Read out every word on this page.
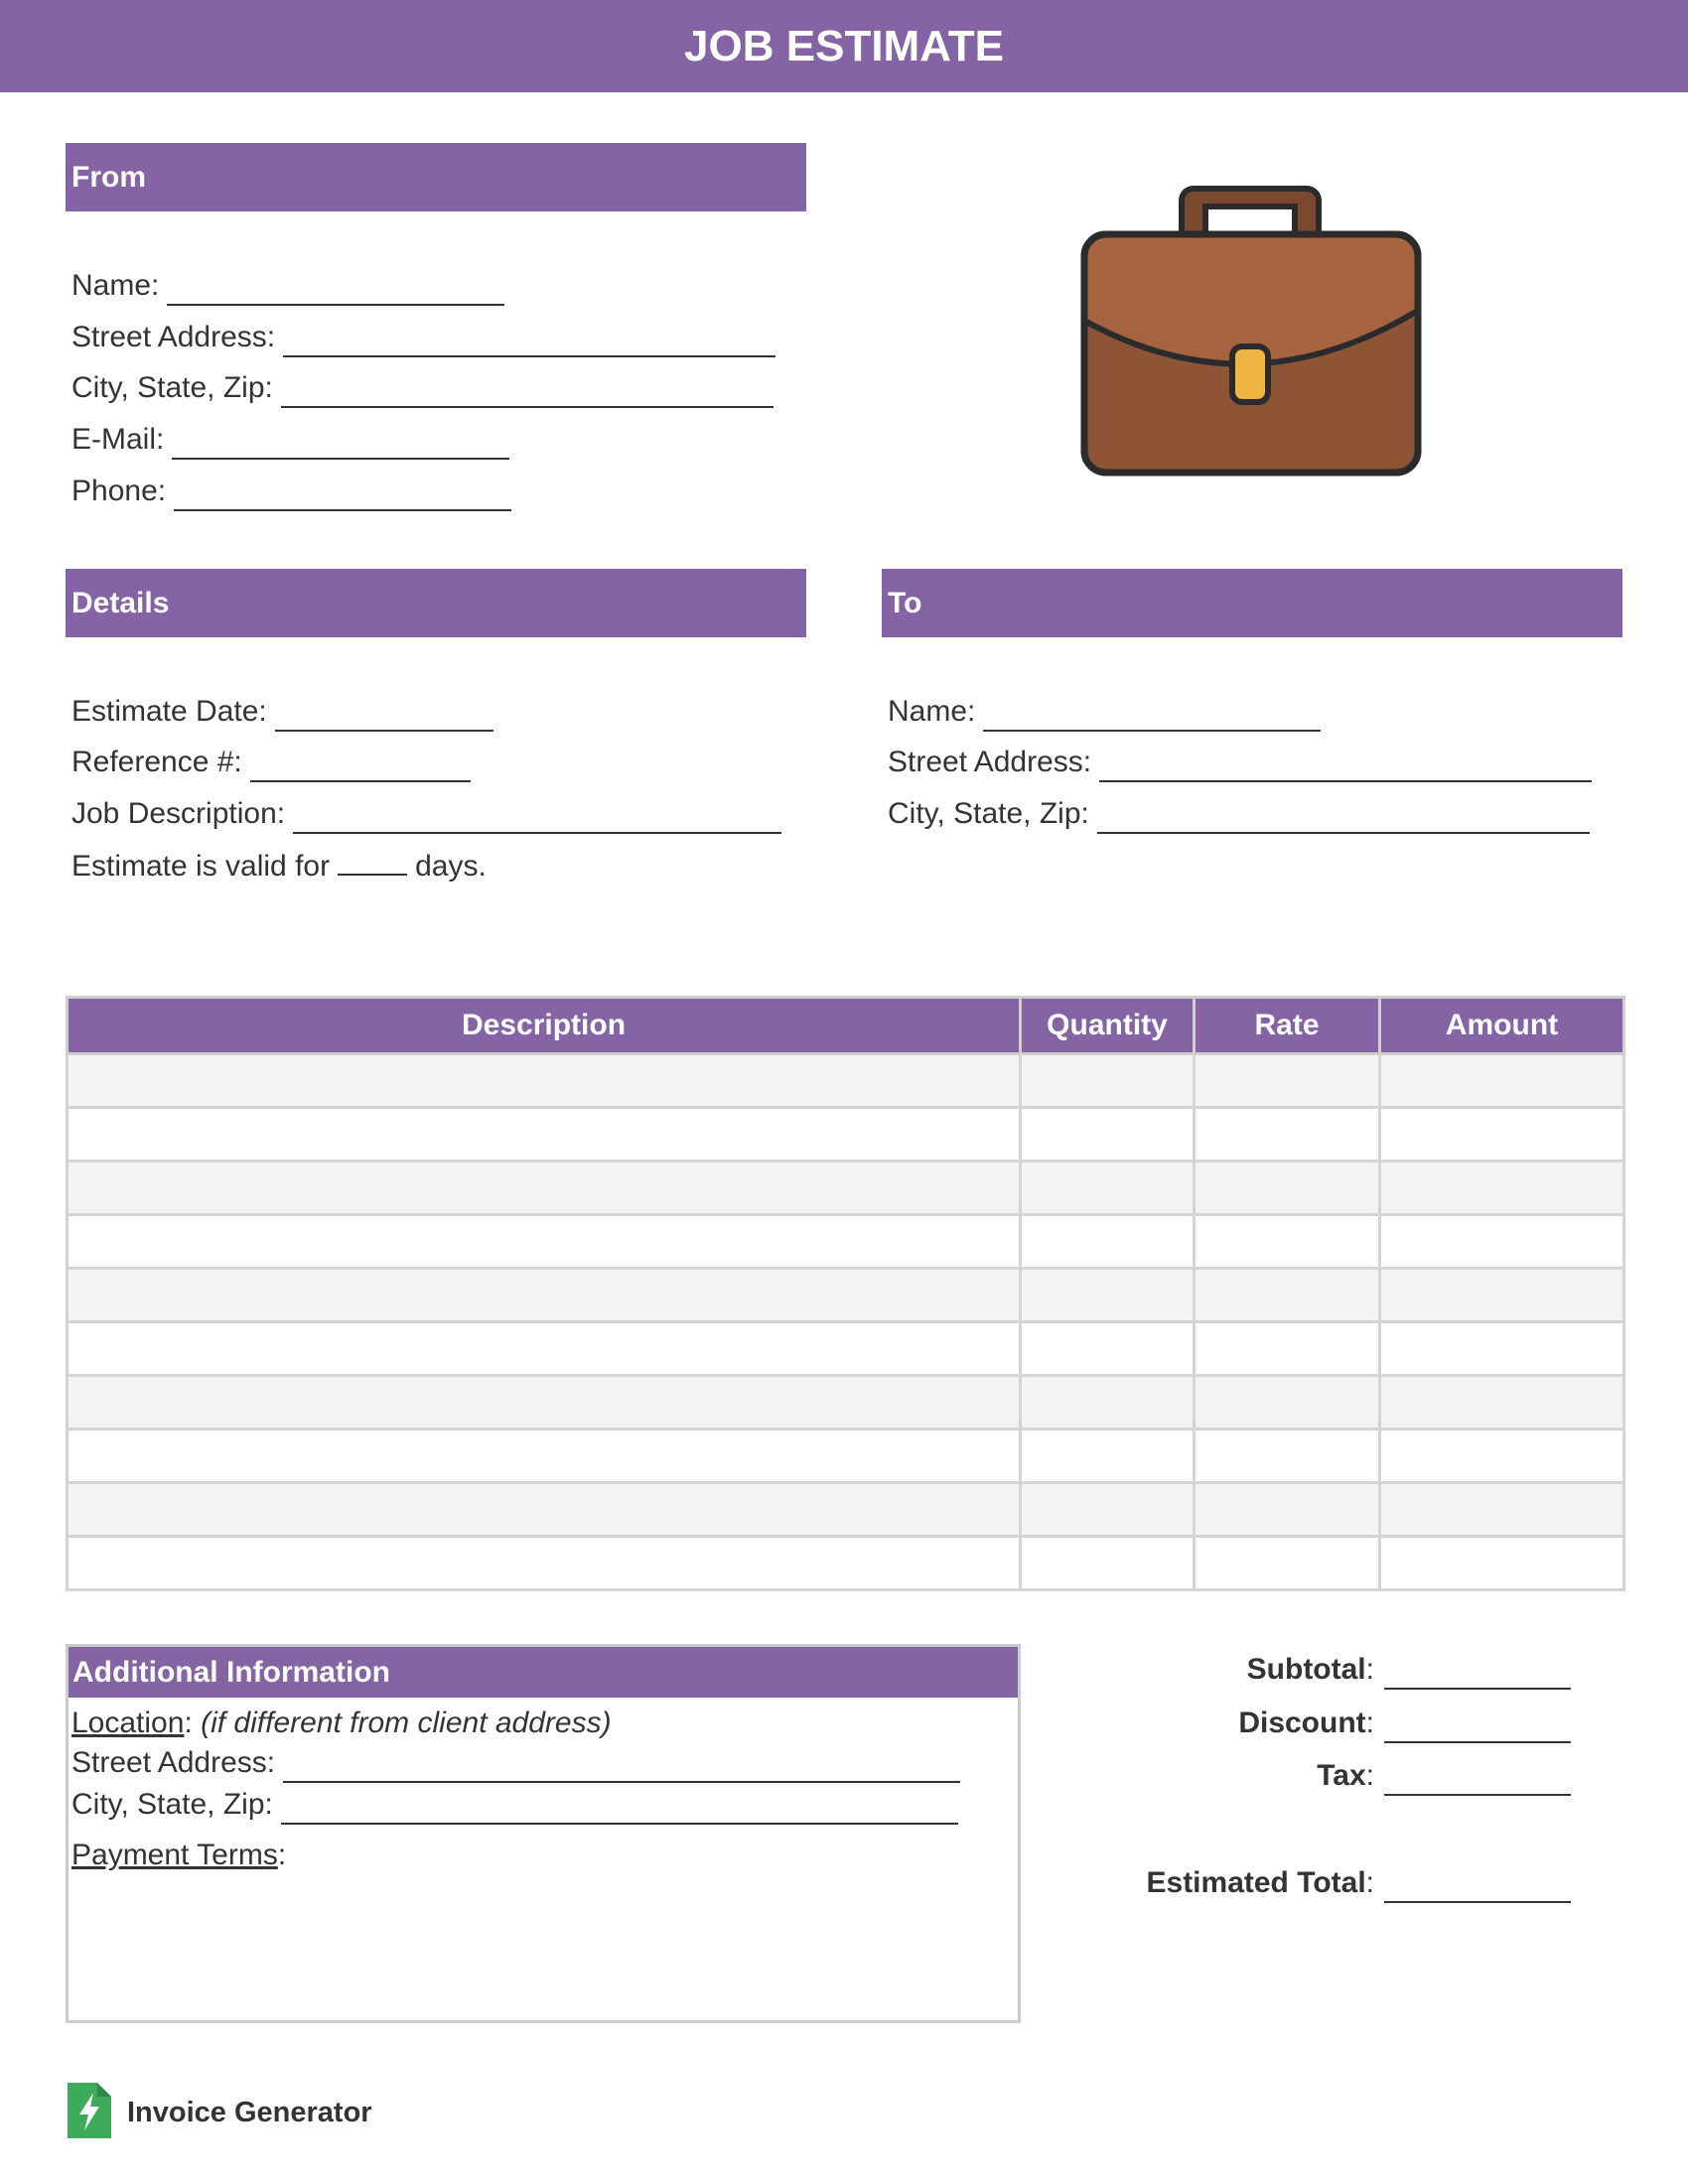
JOB ESTIMATE
From
Name:
Street Address:
City, State, Zip:
E-Mail:
Phone:
Details
Estimate Date:
Reference #:
Job Description:
Estimate is valid for	days.
To
Name:
Street Address:
City, State, Zip:
Description	Quantity	Rate	Amount

Additional Information
Location: (if different from client address)
Street Address:
City, State, Zip:
Payment Terms:
Subtotal:
Discount:
Tax:
Estimated Total:
Invoice Generator
